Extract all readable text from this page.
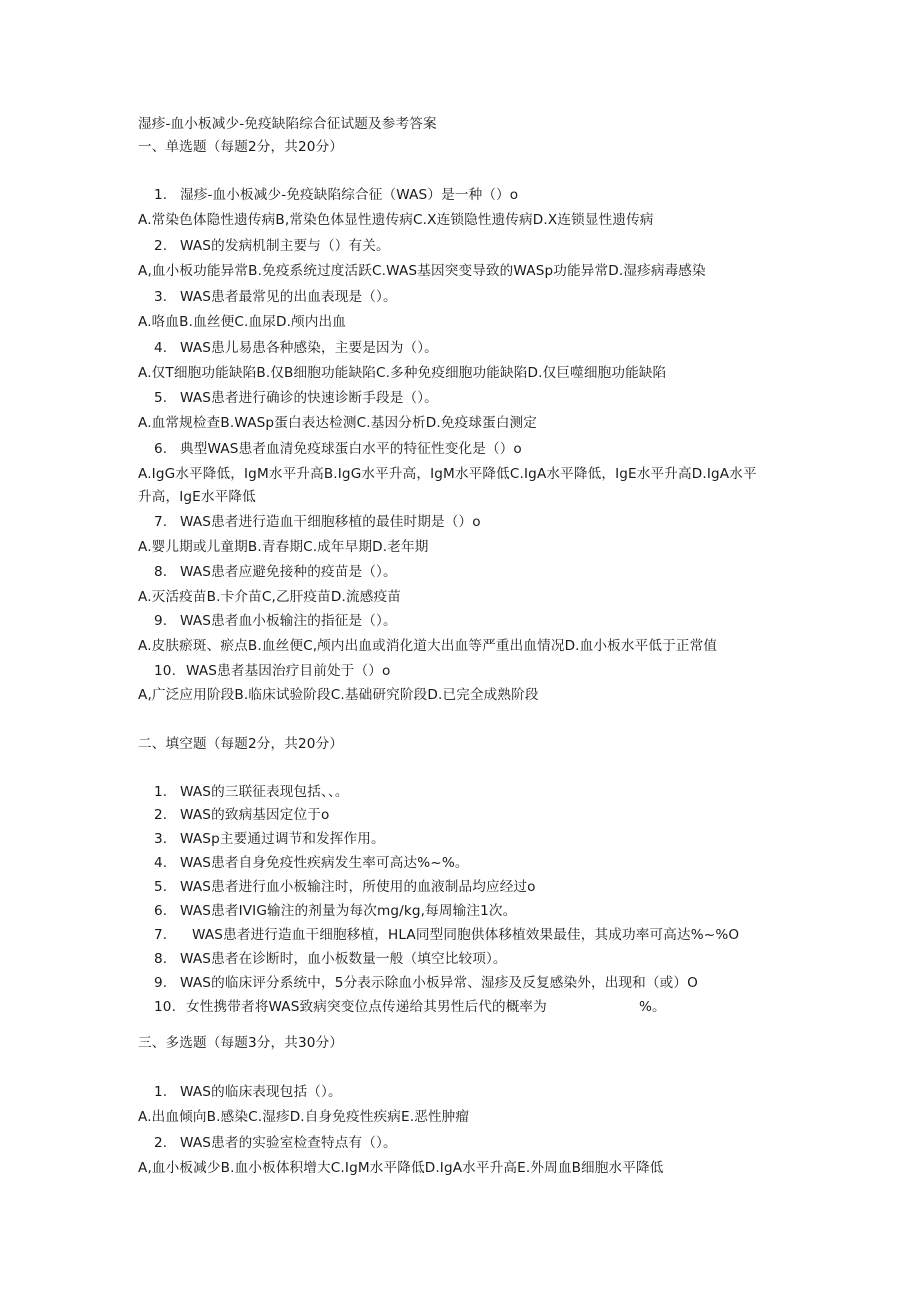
湿疹-血小板减少-免疫缺陷综合征试题及参考答案
一、单选题（每题2分，共20分）
1. 湿疹-血小板减少-免疫缺陷综合征（WAS）是一种（）o
A.常染色体隐性遗传病B,常染色体显性遗传病C.X连锁隐性遗传病D.X连锁显性遗传病
2. WAS的发病机制主要与（）有关。
A,血小板功能异常B.免疫系统过度活跃C.WAS基因突变导致的WASp功能异常D.湿疹病毒感染
3. WAS患者最常见的出血表现是（）。
A.咯血B.血丝便C.血尿D.颅内出血
4. WAS患儿易患各种感染，主要是因为（）。
A.仅T细胞功能缺陷B.仅B细胞功能缺陷C.多种免疫细胞功能缺陷D.仅巨噬细胞功能缺陷
5. WAS患者进行确诊的快速诊断手段是（）。
A.血常规检查B.WASp蛋白表达检测C.基因分析D.免疫球蛋白测定
6. 典型WAS患者血清免疫球蛋白水平的特征性变化是（）o
A.IgG水平降低，IgM水平升高B.IgG水平升高，IgM水平降低C.IgA水平降低，IgE水平升高D.IgA水平
升高，IgE水平降低
7. WAS患者进行造血干细胞移植的最佳时期是（）o
A.婴儿期或儿童期B.青春期C.成年早期D.老年期
8. WAS患者应避免接种的疫苗是（）。
A.灭活疫苗B.卡介苗C,乙肝疫苗D.流感疫苗
9. WAS患者血小板输注的指征是（）。
A.皮肤瘀斑、瘀点B.血丝便C,颅内出血或消化道大出血等严重出血情况D.血小板水平低于正常值
10. WAS患者基因治疗目前处于（）o
A,广泛应用阶段B.临床试验阶段C.基础研究阶段D.已完全成熟阶段
二、填空题（每题2分，共20分）
1. WAS的三联征表现包括、、。
2. WAS的致病基因定位于o
3. WASp主要通过调节和发挥作用。
4. WAS患者自身免疫性疾病发生率可高达%~%。
5. WAS患者进行血小板输注时，所使用的血液制品均应经过o
6. WAS患者IVIG输注的剂量为每次mg∕kg,每周输注1次。
7. WAS患者进行造血干细胞移植，HLA同型同胞供体移植效果最佳，其成功率可高达%~%O
8. WAS患者在诊断时，血小板数量一般（填空比较项）。
9. WAS的临床评分系统中，5分表示除血小板异常、湿疹及反复感染外，出现和（或）O
10. 女性携带者将WAS致病突变位点传递给其男性后代的概率为	%。
三、多选题（每题3分，共30分）
1. WAS的临床表现包括（）。
A.出血倾向B.感染C.湿疹D.自身免疫性疾病E.恶性肿瘤
2. WAS患者的实验室检查特点有（）。
A,血小板减少B.血小板体积增大C.IgM水平降低D.IgA水平升高E.外周血B细胞水平降低
